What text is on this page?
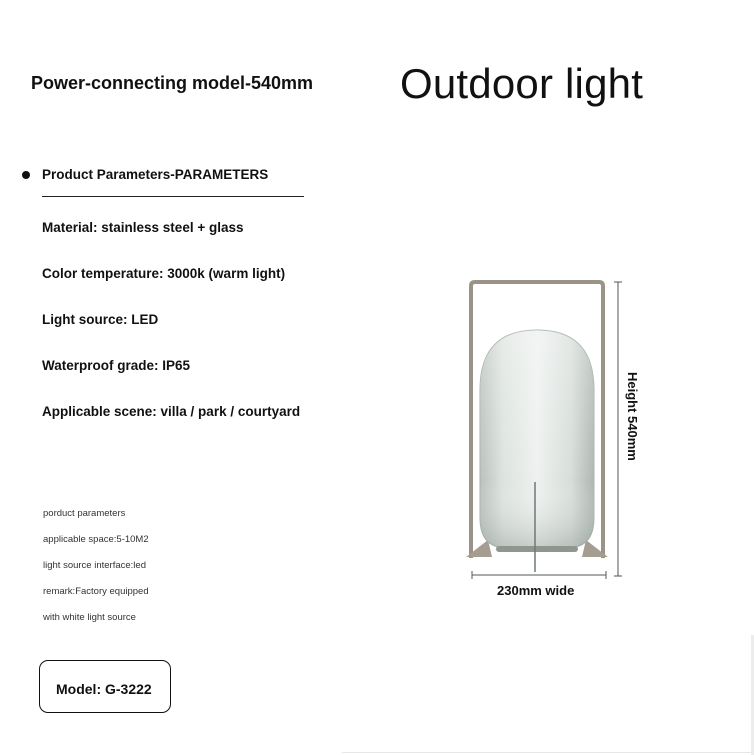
Power-connecting model-540mm Outdoor light
Product Parameters-PARAMETERS
Material: stainless steel + glass
Color temperature: 3000k (warm light)
Light source: LED
Waterproof grade: IP65
Applicable scene: villa / park / courtyard
porduct parameters
applicable space:5-10M2
light source interface:led
remark:Factory equipped
with white light source
Model: G-3222
Height 540mm
230mm wide
